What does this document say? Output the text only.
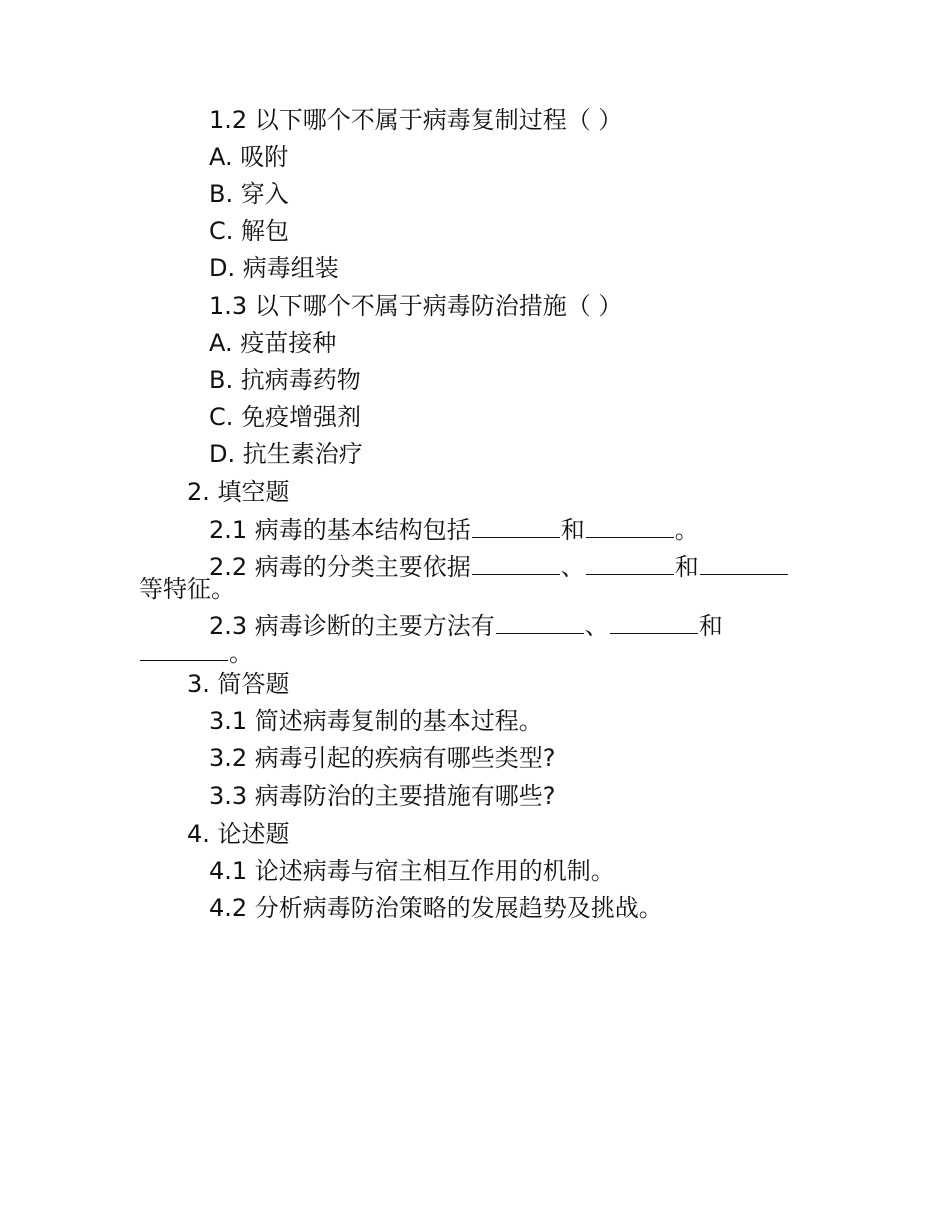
1.2 以下哪个不属于病毒复制过程（ ）
A. 吸附
B. 穿入
C. 解包
D. 病毒组装
1.3 以下哪个不属于病毒防治措施（ ）
A. 疫苗接种
B. 抗病毒药物
C. 免疫增强剂
D. 抗生素治疗
2. 填空题
2.1 病毒的基本结构包括	和	。
2.2 病毒的分类主要依据	、	和
等特征。
2.3 病毒诊断的主要方法有	、	和
。
3. 简答题
3.1 简述病毒复制的基本过程。
3.2 病毒引起的疾病有哪些类型?
3.3 病毒防治的主要措施有哪些?
4. 论述题
4.1 论述病毒与宿主相互作用的机制。
4.2 分析病毒防治策略的发展趋势及挑战。
